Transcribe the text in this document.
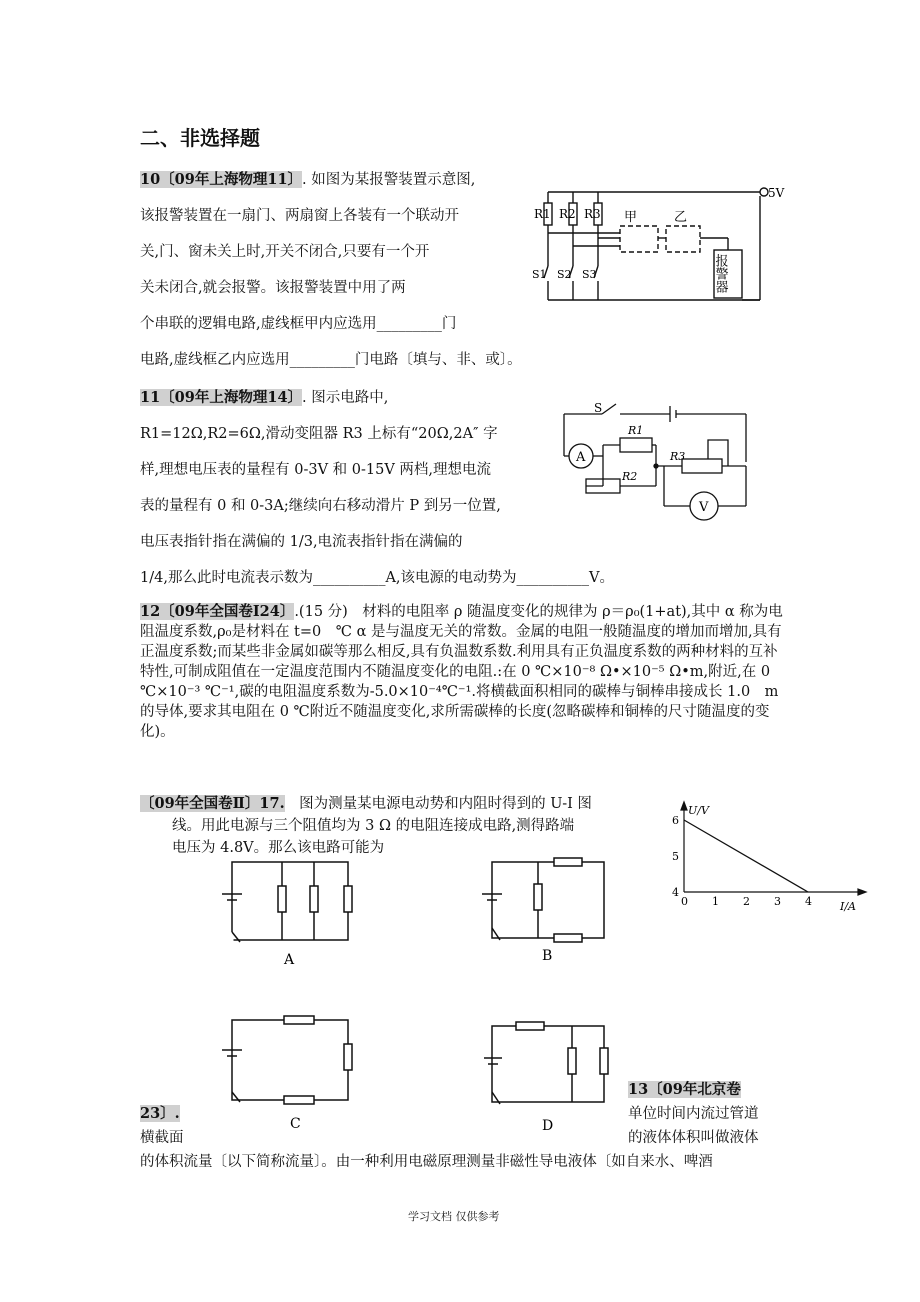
二、非选择题
10〔09年上海物理11〕. 如图为某报警装置示意图,
该报警装置在一扇门、两扇窗上各装有一个联动开
关,门、窗未关上时,开关不闭合,只要有一个开
关未闭合,就会报警。该报警装置中用了两
个串联的逻辑电路,虚线框甲内应选用_________门
电路,虚线框乙内应选用_________门电路〔填与、非、或〕。
5V
R1 R2 R3
S1 S2 S3
甲	乙
报警器
11〔09年上海物理14〕. 图示电路中,
R1=12Ω,R2=6Ω,滑动变阻器 R3 上标有“20Ω,2A″ 字
样,理想电压表的量程有 0-3V 和 0-15V 两档,理想电流
表的量程有 0 和 0-3A;继续向右移动滑片 P 到另一位置,
电压表指针指在满偏的 1/3,电流表指针指在满偏的
1/4,那么此时电流表示数为__________A,该电源的电动势为__________V。
S
A
V
R1
R2
R3
12〔09年全国卷Ⅰ24〕.(15 分)　材料的电阻率 ρ 随温度变化的规律为 ρ＝ρ₀(1+at),其中 α 称为电阻温度系数,ρ₀是材料在 t=0　℃ α 是与温度无关的常数。金属的电阻一般随温度的增加而增加,具有正温度系数;而某些非金属如碳等那么相反,具有负温数系数.利用具有正负温度系数的两种材料的互补特性,可制成阻值在一定温度范围内不随温度变化的电阻.:在 0 ℃×10⁻⁸ Ω•×10⁻⁵ Ω•m,附近,在 0 ℃×10⁻³ ℃⁻¹,碳的电阻温度系数为-5.0×10⁻⁴℃⁻¹.将横截面积相同的碳棒与铜棒串接成长 1.0　m 的导体,要求其电阻在 0 ℃附近不随温度变化,求所需碳棒的长度(忽略碳棒和铜棒的尺寸随温度的变化)。
〔09年全国卷Ⅱ〕17.　图为测量某电源电动势和内阻时得到的 U-I 图
线。用此电源与三个阻值均为 3 Ω 的电阻连接成电路,测得路端
电压为 4.8V。那么该电路可能为
0 1 2 3 4
4
5
6
U/V
I/A
A	B
C	D
13〔09年北京卷
23〕.	单位时间内流过管道
横截面	的液体体积叫做液体
的体积流量〔以下简称流量〕。由一种利用电磁原理测量非磁性导电液体〔如自来水、啤酒
学习文档 仅供参考
